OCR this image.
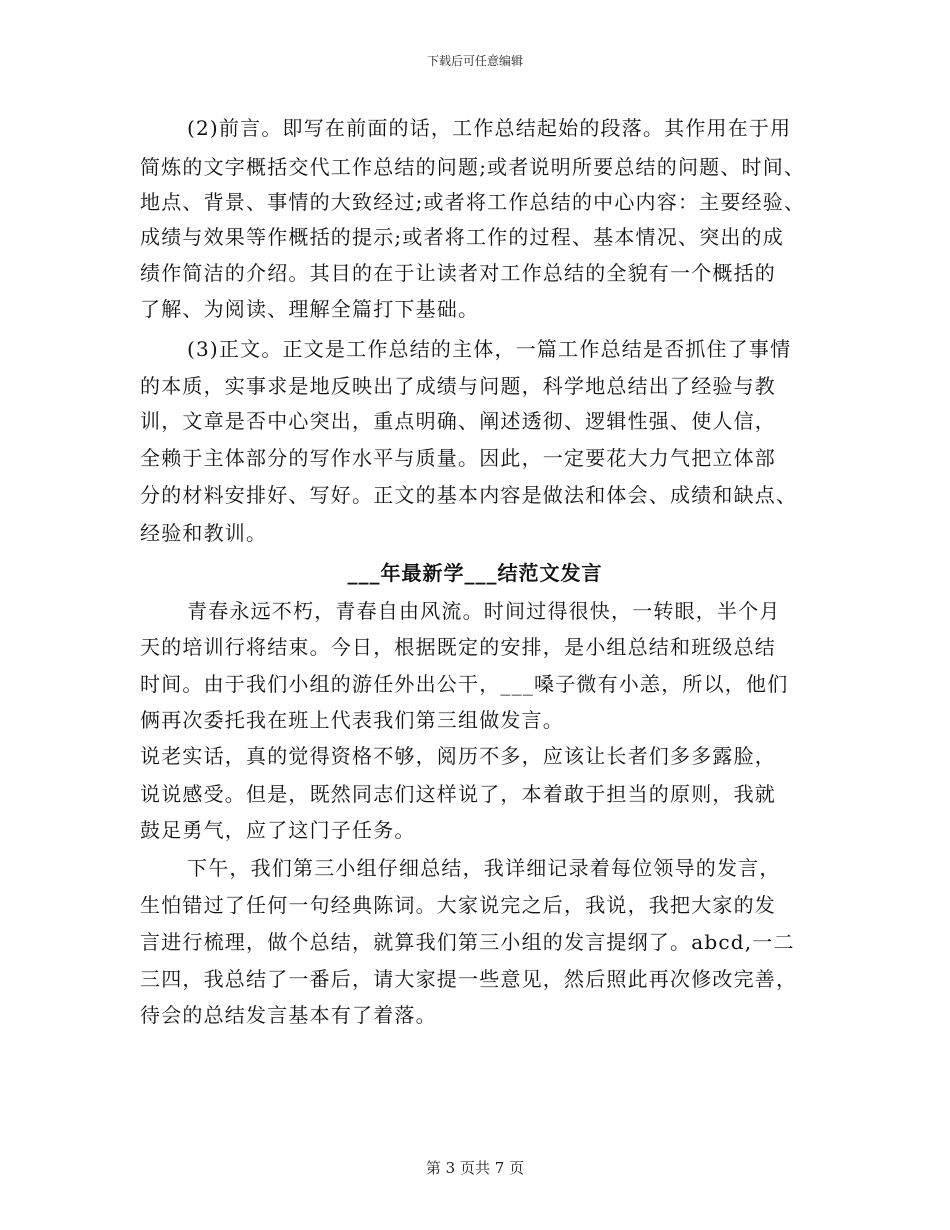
下载后可任意编辑
(2)前言。即写在前面的话，工作总结起始的段落。其作用在于用
简炼的文字概括交代工作总结的问题;或者说明所要总结的问题、时间、
地点、背景、事情的大致经过;或者将工作总结的中心内容：主要经验、
成绩与效果等作概括的提示;或者将工作的过程、基本情况、突出的成
绩作简洁的介绍。其目的在于让读者对工作总结的全貌有一个概括的
了解、为阅读、理解全篇打下基础。
(3)正文。正文是工作总结的主体，一篇工作总结是否抓住了事情
的本质，实事求是地反映出了成绩与问题，科学地总结出了经验与教
训，文章是否中心突出，重点明确、阐述透彻、逻辑性强、使人信，
全赖于主体部分的写作水平与质量。因此，一定要花大力气把立体部
分的材料安排好、写好。正文的基本内容是做法和体会、成绩和缺点、
经验和教训。
___年最新学___结范文发言
青春永远不朽，青春自由风流。时间过得很快，一转眼，半个月
天的培训行将结束。今日，根据既定的安排，是小组总结和班级总结
时间。由于我们小组的游任外出公干，___嗓子微有小恙，所以，他们
俩再次委托我在班上代表我们第三组做发言。
说老实话，真的觉得资格不够，阅历不多，应该让长者们多多露脸，
说说感受。但是，既然同志们这样说了，本着敢于担当的原则，我就
鼓足勇气，应了这门子任务。
下午，我们第三小组仔细总结，我详细记录着每位领导的发言，
生怕错过了任何一句经典陈词。大家说完之后，我说，我把大家的发
言进行梳理，做个总结，就算我们第三小组的发言提纲了。abcd,一二
三四，我总结了一番后，请大家提一些意见，然后照此再次修改完善，
待会的总结发言基本有了着落。
第 3 页共 7 页
